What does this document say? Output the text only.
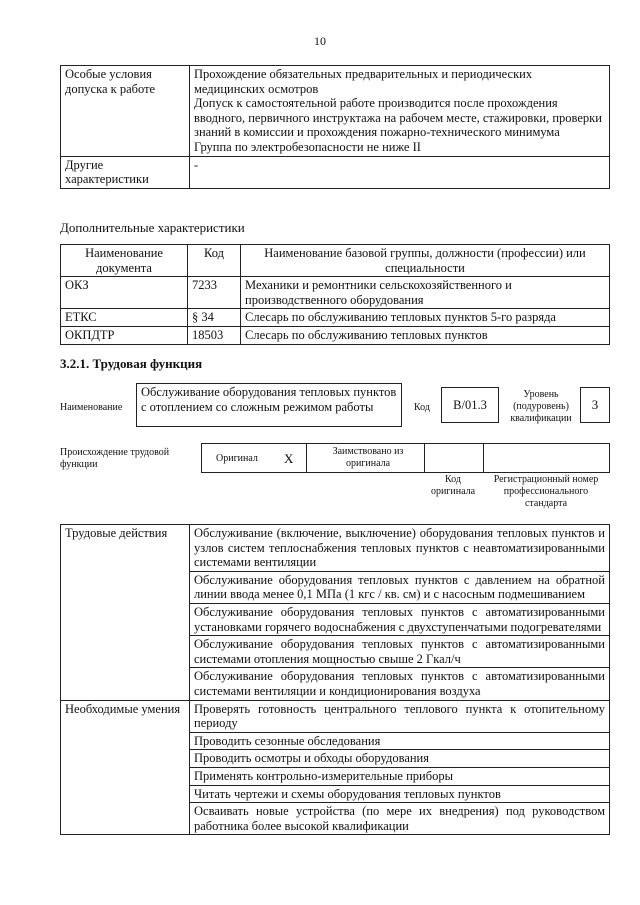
10
Особые условия допуска к работе	Прохождение обязательных предварительных и периодических медицинских осмотров
Допуск к самостоятельной работе производится после прохождения вводного, первичного инструктажа на рабочем месте, стажировки, проверки знаний в комиссии и прохождения пожарно-технического минимума
Группа по электробезопасности не ниже II

Другие характеристики	-
Дополнительные характеристики
Наименование документа	Код	Наименование базовой группы, должности (профессии) или специальности
ОКЗ	7233	Механики и ремонтники сельскохозяйственного и производственного оборудования
ЕТКС	§ 34	Слесарь по обслуживанию тепловых пунктов 5-го разряда
ОКПДТР	18503	Слесарь по обслуживанию тепловых пунктов
3.2.1. Трудовая функция
Наименование
Обслуживание оборудования тепловых пунктов с отоплением со сложным режимом работы	Код	B/01.3
Уровень (подуровень) квалификации
3
Происхождение трудовой функции
Оригинал X	Заимствовано из оригинала
Код оригинала
Регистрационный номер профессионального стандарта
Трудовые действия	Обслуживание (включение, выключение) оборудования тепловых пунктов и узлов систем теплоснабжения тепловых пунктов с неавтоматизированными системами вентиляции
	Обслуживание оборудования тепловых пунктов с давлением на обратной линии ввода менее 0,1 МПа (1 кгс / кв. см) и с насосным подмешиванием
	Обслуживание оборудования тепловых пунктов с автоматизированными установками горячего водоснабжения с двухступенчатыми подогревателями
	Обслуживание оборудования тепловых пунктов с автоматизированными системами отопления мощностью свыше 2 Гкал/ч
	Обслуживание оборудования тепловых пунктов с автоматизированными системами вентиляции и кондиционирования воздуха
Необходимые умения	Проверять готовность центрального теплового пункта к отопительному периоду
	Проводить сезонные обследования
	Проводить осмотры и обходы оборудования
	Применять контрольно-измерительные приборы
	Читать чертежи и схемы оборудования тепловых пунктов
	Осваивать новые устройства (по мере их внедрения) под руководством работника более высокой квалификации
